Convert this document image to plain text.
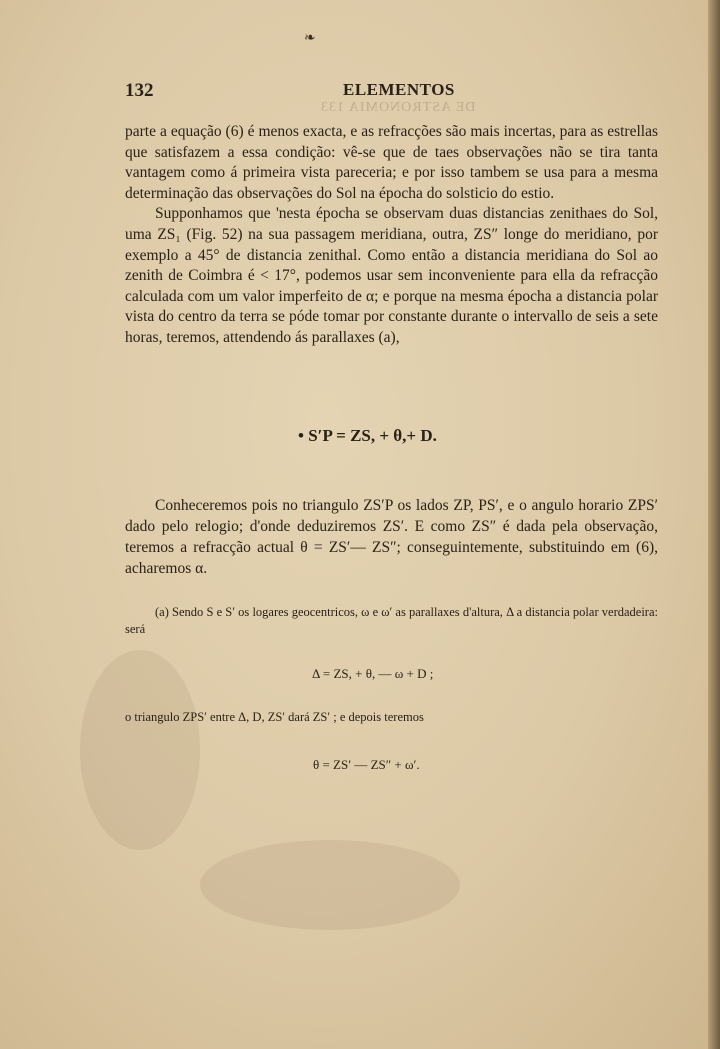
❧
132	ELEMENTOS
DE ASTRONOMIA 133

parte a equação (6) é menos exacta, e as refracções são mais incertas, para as estrellas que satisfazem a essa condição: vê-se que de taes observações não se tira tanta vantagem como á primeira vista pareceria; e por isso tambem se usa para a mesma determinação das observações do Sol na épocha do solsticio do estio.

Supponhamos que 'nesta épocha se observam duas distancias zenithaes do Sol, uma ZS₁ (Fig. 52) na sua passagem meridiana, outra, ZS″ longe do meridiano, por exemplo a 45° de distancia zenithal. Como então a distancia meridiana do Sol ao zenith de Coimbra é < 17°, podemos usar sem inconveniente para ella da refracção calculada com um valor imperfeito de α; e porque na mesma épocha a distancia polar vista do centro da terra se póde tomar por constante durante o intervallo de seis a sete horas, teremos, attendendo ás parallaxes (a),

• S′P = ZS, + θ,+ D.

Conheceremos pois no triangulo ZS′P os lados ZP, PS′, e o angulo horario ZPS′ dado pelo relogio; d'onde deduziremos ZS′. E como ZS″ é dada pela observação, teremos a refracção actual θ = ZS′— ZS″; conseguintemente, substituindo em (6), acharemos α.

(a) Sendo S e S′ os logares geocentricos, ω e ω′ as parallaxes d'altura, Δ a distancia polar verdadeira: será

Δ = ZS, + θ, — ω + D ;
o triangulo ZPS′ entre Δ, D, ZS′ dará ZS′ ; e depois teremos
θ = ZS′ — ZS″ + ω′.
